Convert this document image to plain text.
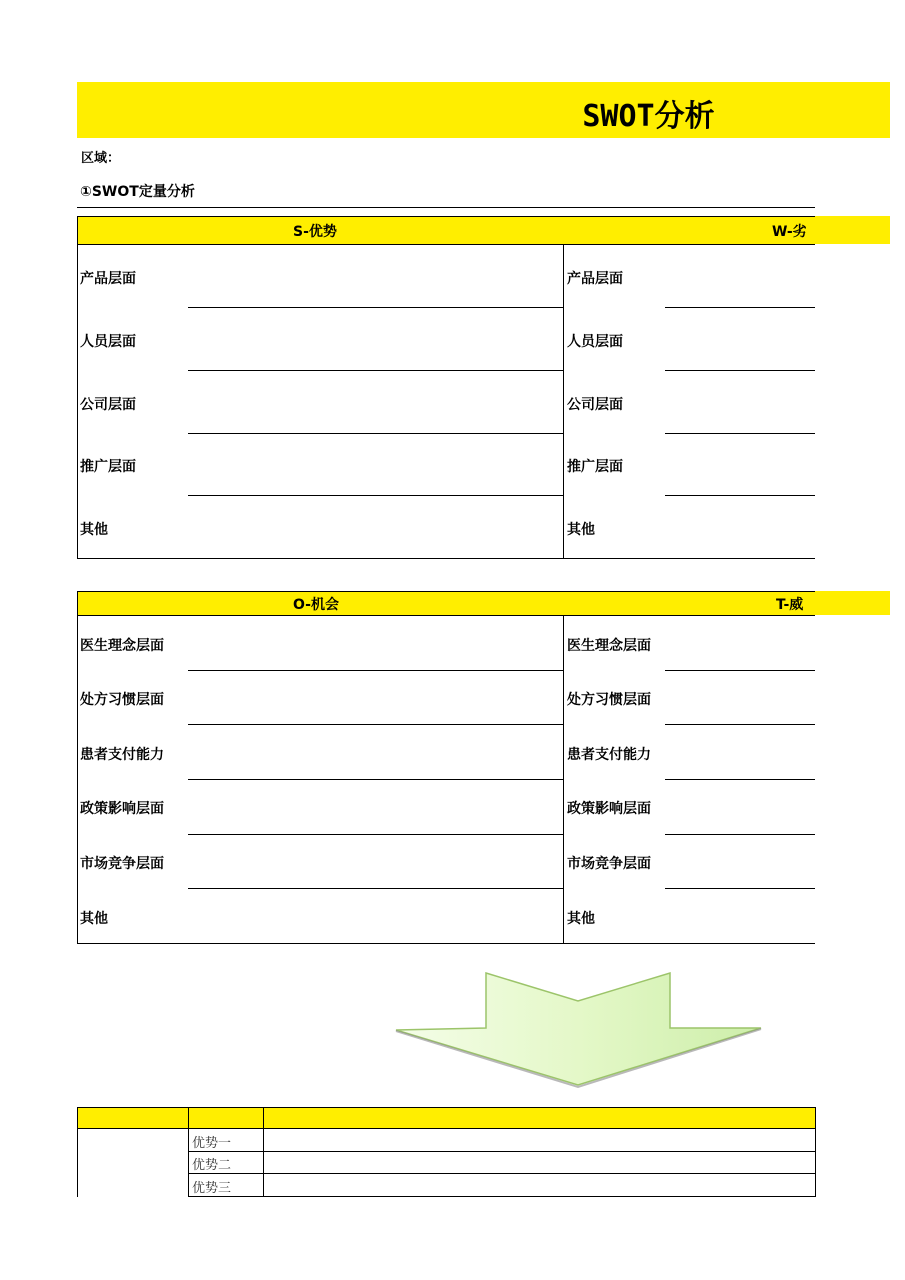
SWOT分析
区域：
①SWOT定量分析
S-优势	W-劣
产品层面
人员层面
公司层面
推广层面
其他
产品层面
人员层面
公司层面
推广层面
其他
O-机会	T-威
医生理念层面
处方习惯层面
患者支付能力
政策影响层面
市场竞争层面
其他
医生理念层面
处方习惯层面
患者支付能力
政策影响层面
市场竞争层面
其他
优势一
优势二
优势三
